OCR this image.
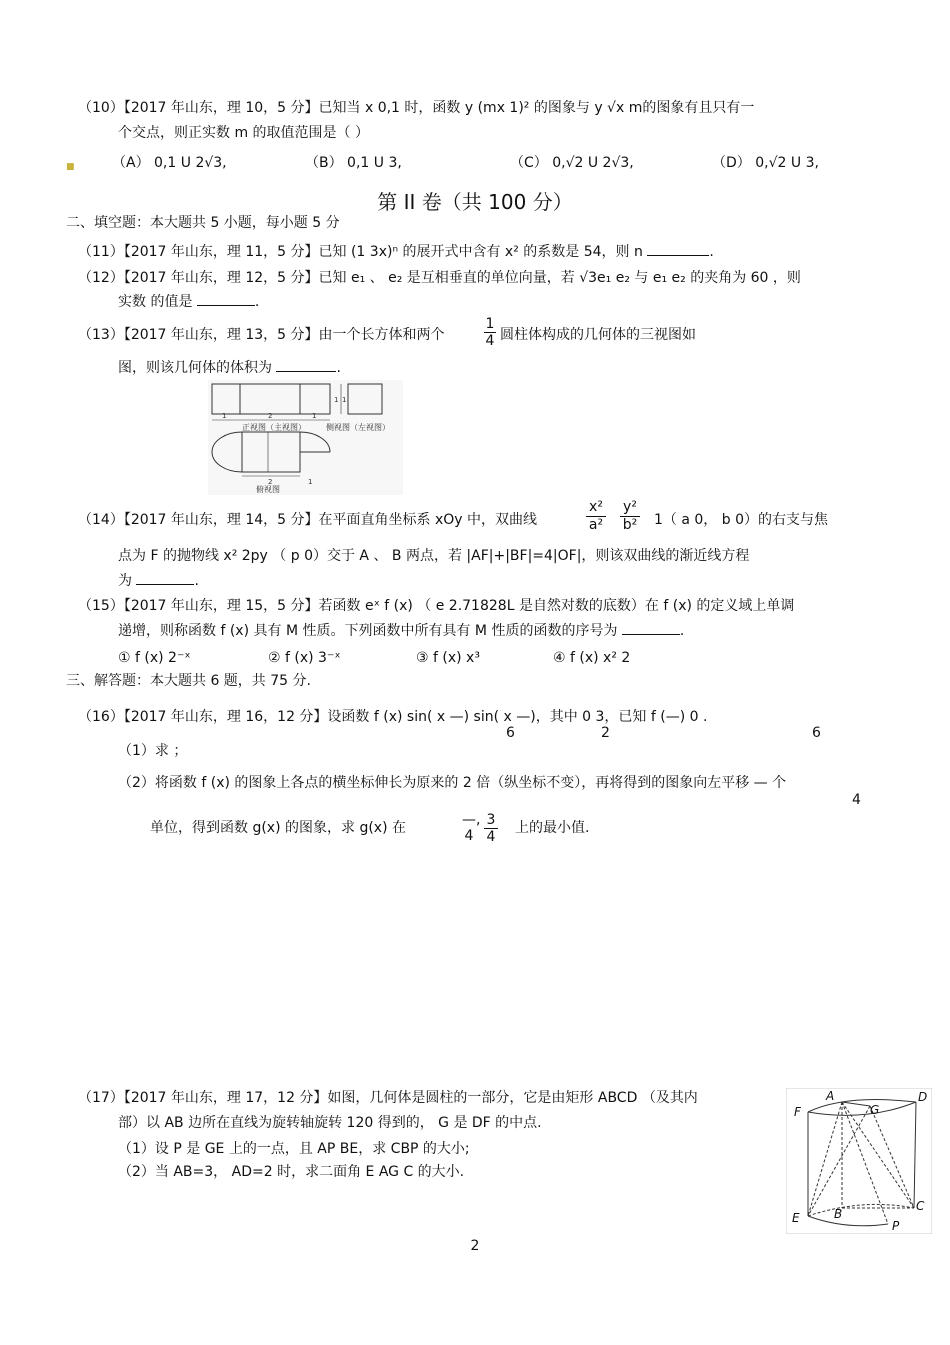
（10）【2017 年山东，理 10，5 分】已知当 x 0,1 时，函数 y (mx 1)² 的图象与 y √x m的图象有且只有一
个交点，则正实数 m 的取值范围是（ ）
■	（A） 0,1 U 2√3,	（B） 0,1 U 3,	（C） 0,√2 U 2√3,	（D） 0,√2 U 3,
第 II 卷（共 100 分）
二、填空题：本大题共 5 小题，每小题 5 分
（11）【2017 年山东，理 11，5 分】已知 (1 3x)ⁿ 的展开式中含有 x² 的系数是 54，则 n	.
（12）【2017 年山东，理 12，5 分】已知 e₁ 、 e₂ 是互相垂直的单位向量，若 √3e₁ e₂ 与 e₁ e₂ 的夹角为 60 ，则
实数 的值是	.
（13）【2017 年山东，理 13，5 分】由一个长方体和两个	$\frac{1}{4}$ 圆柱体构成的几何体的三视图如
图，则该几何体的体积为	.
1	2	1
1 1
2	1
正视图（主视图）	侧视图（左视图）
俯视图
（14）【2017 年山东，理 14，5 分】在平面直角坐标系 xOy 中，双曲线
x²
a²
y²
b² 1（ a 0， b 0）的右支与焦
点为 F 的抛物线 x² 2py （ p 0）交于 A 、 B 两点，若 |AF|+|BF|=4|OF|，则该双曲线的渐近线方程
为	.
（15）【2017 年山东，理 15，5 分】若函数 eˣ f (x) （ e 2.71828L 是自然对数的底数）在 f (x) 的定义域上单调
递增，则称函数 f (x) 具有 M 性质。下列函数中所有具有 M 性质的函数的序号为	.
① f (x) 2⁻ˣ	② f (x) 3⁻ˣ	③ f (x) x³	④ f (x) x² 2
三、解答题：本大题共 6 题，共 75 分.
（16）【2017 年山东，理 16，12 分】设函数 f (x) sin( x —) sin( x —)，其中 0 3，已知 f (—) 0 .
6	2	6
（1）求 ；
（2）将函数 f (x) 的图象上各点的横坐标伸长为原来的 2 倍（纵坐标不变），再将得到的图象向左平移 — 个
4
单位，得到函数 g(x) 的图象，求 g(x) 在	—,
$4 \frac{3}{4}$ 上的最小值.
（17）【2017 年山东，理 17，12 分】如图，几何体是圆柱的一部分，它是由矩形 ABCD （及其内
部）以 AB 边所在直线为旋转轴旋转 120 得到的， G 是 DF 的中点.
（1）设 P 是 GE 上的一点，且 AP BE，求 CBP 的大小;
（2）当 AB=3， AD=2 时，求二面角 E AG C 的大小.
A	D
F	G
C
E	B
P
2
